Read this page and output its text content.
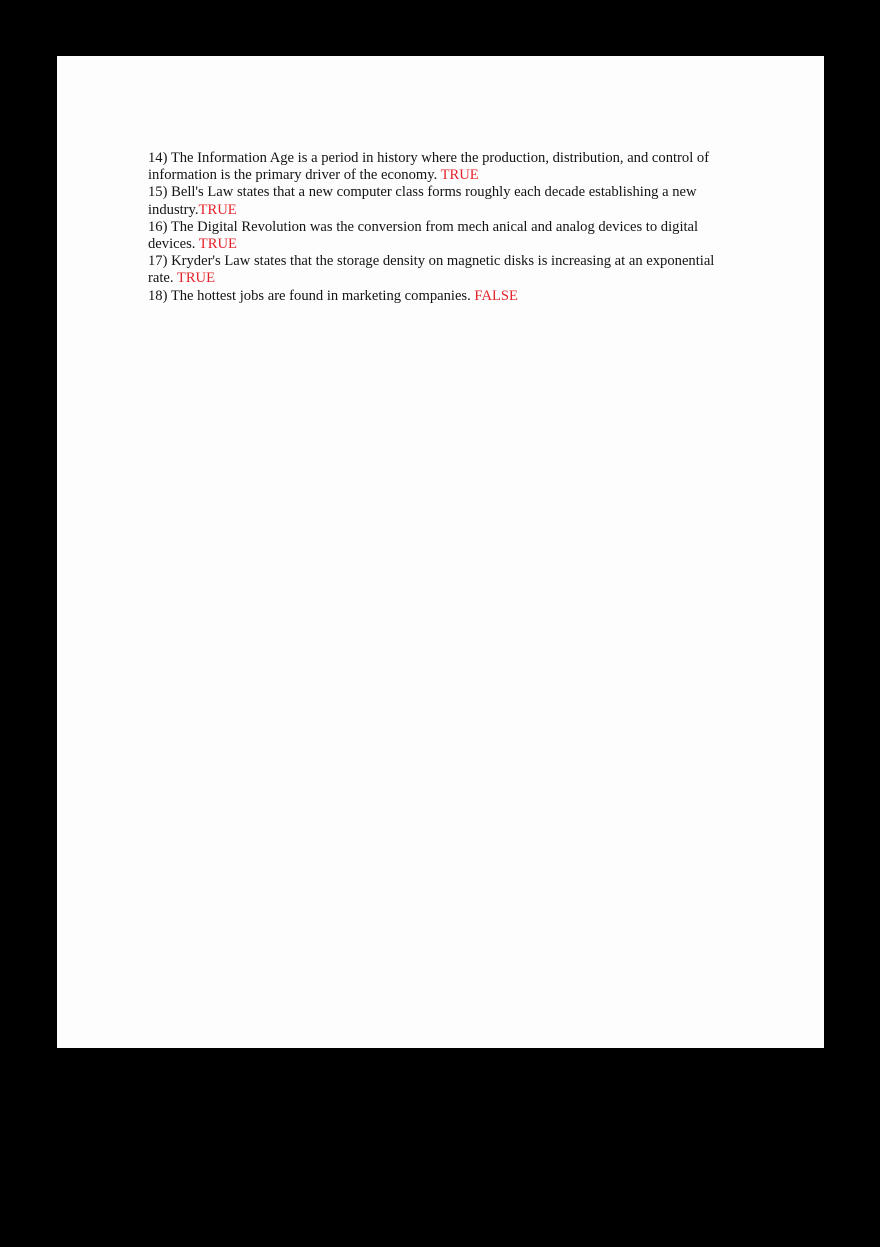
14) The Information Age is a period in history where the production, distribution, and control of information is the primary driver of the economy. TRUE

15) Bell's Law states that a new computer class forms roughly each decade establishing a new industry.TRUE

16) The Digital Revolution was the conversion from mech anical and analog devices to digital devices. TRUE

17) Kryder's Law states that the storage density on magnetic disks is increasing at an exponential rate. TRUE

18) The hottest jobs are found in marketing companies. FALSE
